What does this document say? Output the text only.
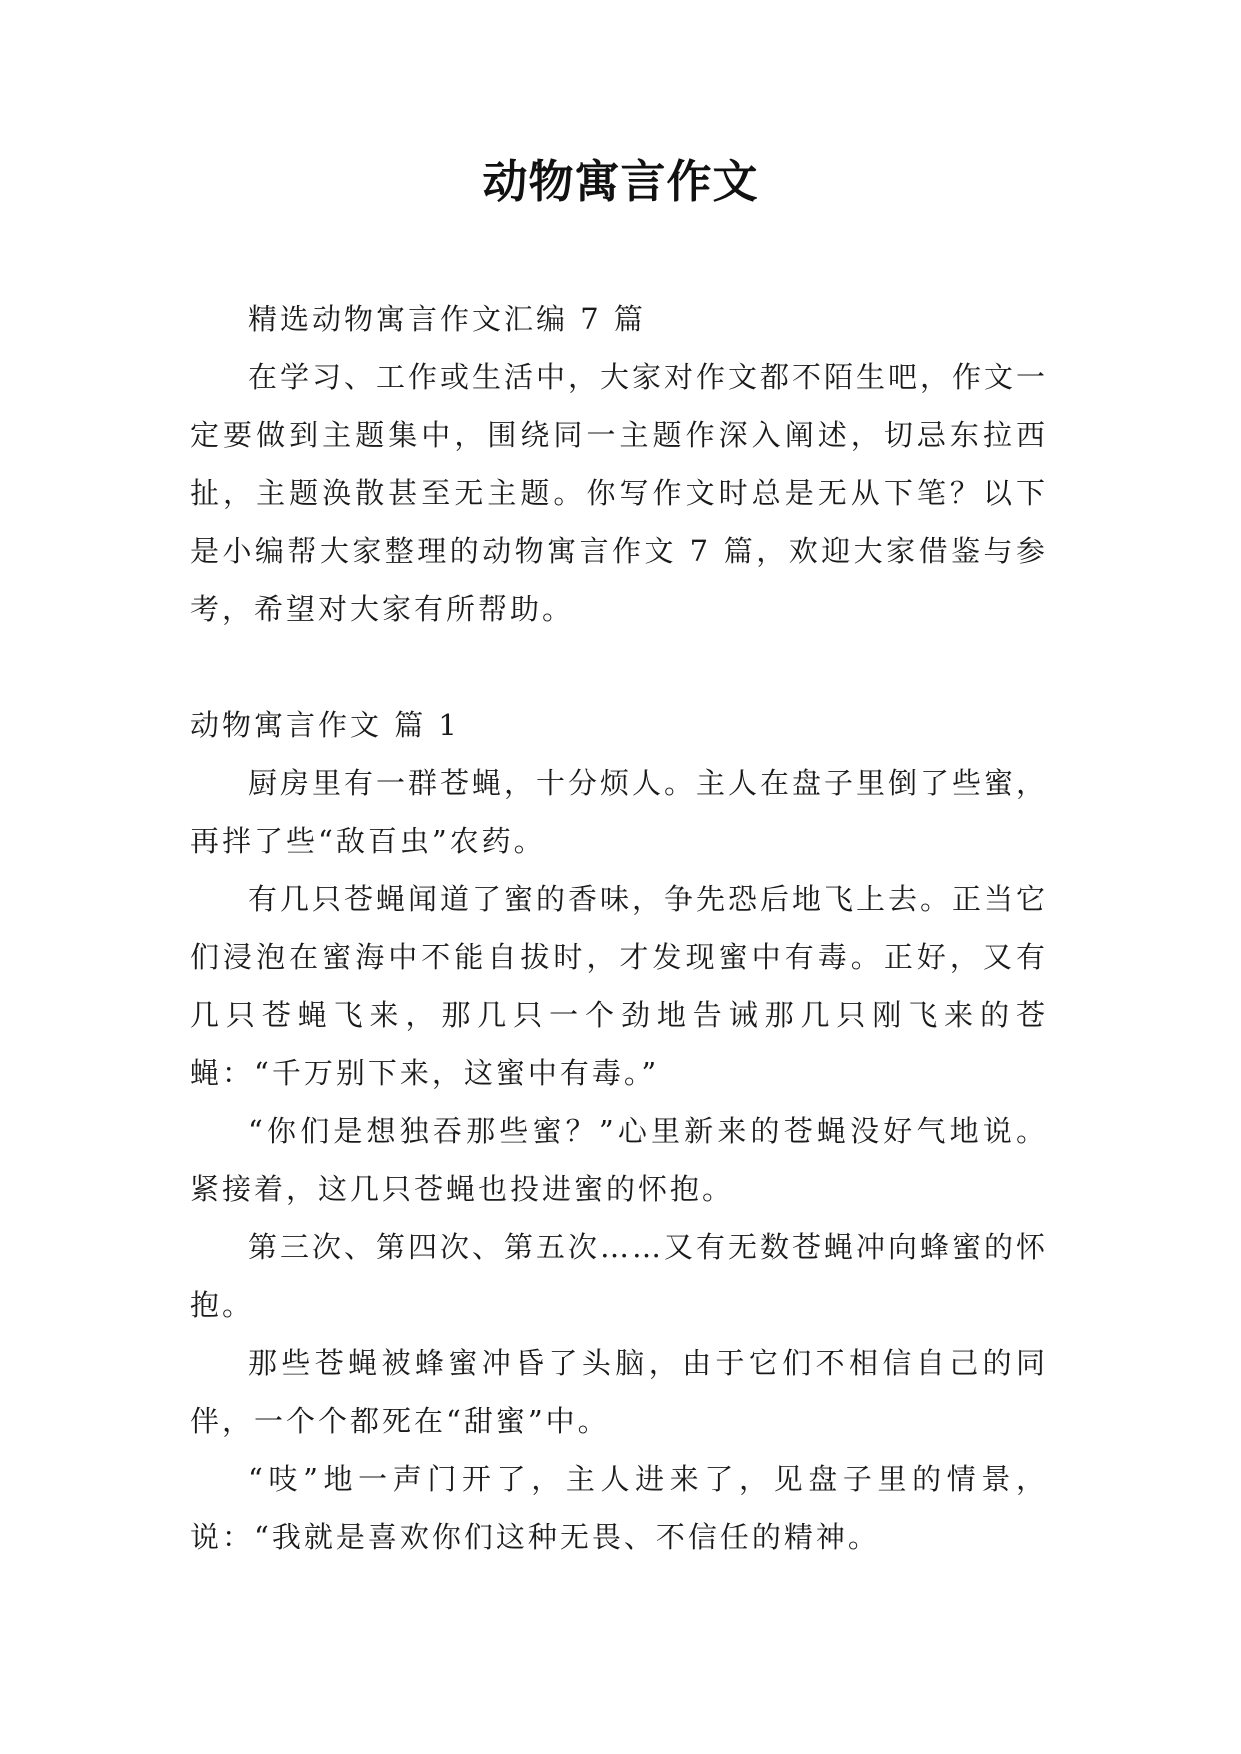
动物寓言作文

精选动物寓言作文汇编 7 篇

在学习、工作或生活中，大家对作文都不陌生吧，作文一定要做到主题集中，围绕同一主题作深入阐述，切忌东拉西扯，主题涣散甚至无主题。你写作文时总是无从下笔？以下是小编帮大家整理的动物寓言作文 7 篇，欢迎大家借鉴与参考，希望对大家有所帮助。

动物寓言作文 篇 1

厨房里有一群苍蝇，十分烦人。主人在盘子里倒了些蜜，再拌了些“敌百虫”农药。

有几只苍蝇闻道了蜜的香味，争先恐后地飞上去。正当它们浸泡在蜜海中不能自拔时，才发现蜜中有毒。正好，又有几只苍蝇飞来，那几只一个劲地告诫那几只刚飞来的苍蝇：“千万别下来，这蜜中有毒。”

“你们是想独吞那些蜜？”心里新来的苍蝇没好气地说。紧接着，这几只苍蝇也投进蜜的怀抱。

第三次、第四次、第五次……又有无数苍蝇冲向蜂蜜的怀抱。

那些苍蝇被蜂蜜冲昏了头脑，由于它们不相信自己的同伴，一个个都死在“甜蜜”中。

“吱”地一声门开了，主人进来了，见盘子里的情景，说：“我就是喜欢你们这种无畏、不信任的精神。
